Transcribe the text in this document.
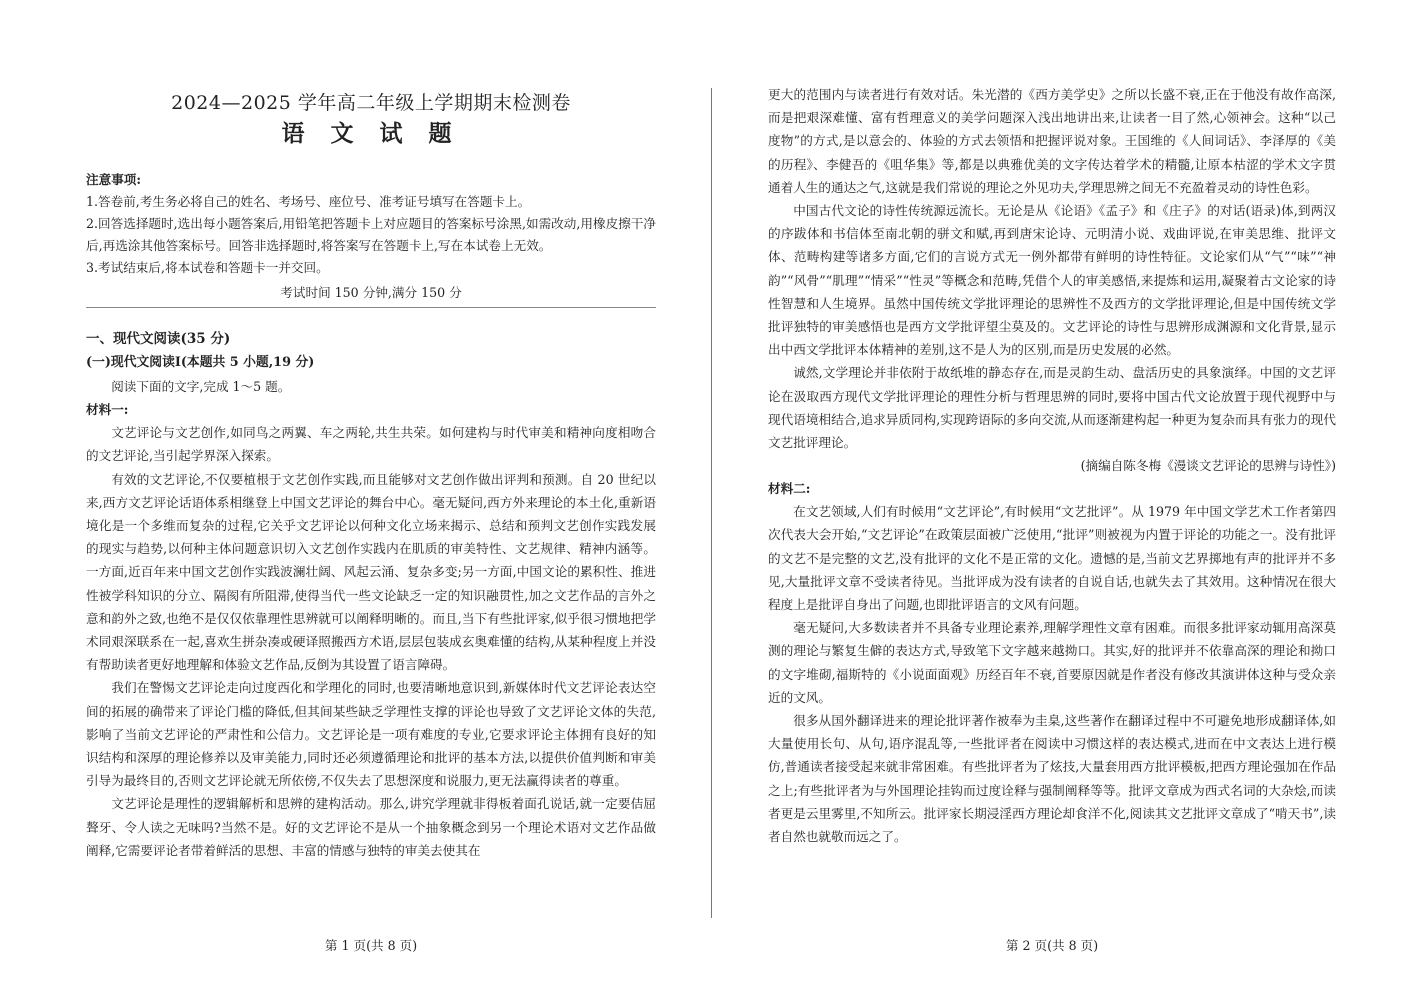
2024—2025 学年高二年级上学期期末检测卷
语 文 试 题

注意事项:

1.答卷前,考生务必将自己的姓名、考场号、座位号、准考证号填写在答题卡上。

2.回答选择题时,选出每小题答案后,用铅笔把答题卡上对应题目的答案标号涂黑,如需改动,用橡皮擦干净后,再选涂其他答案标号。回答非选择题时,将答案写在答题卡上,写在本试卷上无效。

3.考试结束后,将本试卷和答题卡一并交回。

考试时间 150 分钟,满分 150 分

一、现代文阅读(35 分)

(一)现代文阅读Ⅰ(本题共 5 小题,19 分)

阅读下面的文字,完成 1～5 题。

材料一:

文艺评论与文艺创作,如同鸟之两翼、车之两轮,共生共荣。如何建构与时代审美和精神向度相吻合的文艺评论,当引起学界深入探索。

有效的文艺评论,不仅要植根于文艺创作实践,而且能够对文艺创作做出评判和预测。自 20 世纪以来,西方文艺评论话语体系相继登上中国文艺评论的舞台中心。毫无疑问,西方外来理论的本土化,重新语境化是一个多维而复杂的过程,它关乎文艺评论以何种文化立场来揭示、总结和预判文艺创作实践发展的现实与趋势,以何种主体问题意识切入文艺创作实践内在肌质的审美特性、文艺规律、精神内涵等。一方面,近百年来中国文艺创作实践波澜壮阔、风起云涌、复杂多变;另一方面,中国文论的累积性、推进性被学科知识的分立、隔阂有所阻滞,使得当代一些文论缺乏一定的知识融贯性,加之文艺作品的言外之意和韵外之致,也绝不是仅仅依靠理性思辨就可以阐释明晰的。而且,当下有些批评家,似乎很习惯地把学术同艰深联系在一起,喜欢生拼杂凑或硬译照搬西方术语,层层包装成玄奥难懂的结构,从某种程度上并没有帮助读者更好地理解和体验文艺作品,反倒为其设置了语言障碍。

我们在警惕文艺评论走向过度西化和学理化的同时,也要清晰地意识到,新媒体时代文艺评论表达空间的拓展的确带来了评论门槛的降低,但其间某些缺乏学理性支撑的评论也导致了文艺评论文体的失范,影响了当前文艺评论的严肃性和公信力。文艺评论是一项有难度的专业,它要求评论主体拥有良好的知识结构和深厚的理论修养以及审美能力,同时还必须遵循理论和批评的基本方法,以提供价值判断和审美引导为最终目的,否则文艺评论就无所依傍,不仅失去了思想深度和说服力,更无法赢得读者的尊重。

文艺评论是理性的逻辑解析和思辨的建构活动。那么,讲究学理就非得板着面孔说话,就一定要佶屈聱牙、令人读之无味吗?当然不是。好的文艺评论不是从一个抽象概念到另一个理论术语对文艺作品做阐释,它需要评论者带着鲜活的思想、丰富的情感与独特的审美去使其在

第 1 页(共 8 页)

更大的范围内与读者进行有效对话。朱光潜的《西方美学史》之所以长盛不衰,正在于他没有故作高深,而是把艰深难懂、富有哲理意义的美学问题深入浅出地讲出来,让读者一目了然,心领神会。这种“以己度物”的方式,是以意会的、体验的方式去领悟和把握评说对象。王国维的《人间词话》、李泽厚的《美的历程》、李健吾的《咀华集》等,都是以典雅优美的文字传达着学术的精髓,让原本枯涩的学术文字贯通着人生的通达之气,这就是我们常说的理论之外见功夫,学理思辨之间无不充盈着灵动的诗性色彩。

中国古代文论的诗性传统源远流长。无论是从《论语》《孟子》和《庄子》的对话(语录)体,到两汉的序跋体和书信体至南北朝的骈文和赋,再到唐宋论诗、元明清小说、戏曲评说,在审美思维、批评文体、范畴构建等诸多方面,它们的言说方式无一例外都带有鲜明的诗性特征。文论家们从“气”“味”“神韵”“风骨”“肌理”“情采”“性灵”等概念和范畴,凭借个人的审美感悟,来提炼和运用,凝聚着古文论家的诗性智慧和人生境界。虽然中国传统文学批评理论的思辨性不及西方的文学批评理论,但是中国传统文学批评独特的审美感悟也是西方文学批评望尘莫及的。文艺评论的诗性与思辨形成渊源和文化背景,显示出中西文学批评本体精神的差别,这不是人为的区别,而是历史发展的必然。

诚然,文学理论并非依附于故纸堆的静态存在,而是灵韵生动、盘活历史的具象演绎。中国的文艺评论在汲取西方现代文学批评理论的理性分析与哲理思辨的同时,要将中国古代文论放置于现代视野中与现代语境相结合,追求异质同构,实现跨语际的多向交流,从而逐渐建构起一种更为复杂而具有张力的现代文艺批评理论。

(摘编自陈冬梅《漫谈文艺评论的思辨与诗性》)

材料二:

在文艺领域,人们有时候用“文艺评论”,有时候用“文艺批评”。从 1979 年中国文学艺术工作者第四次代表大会开始,“文艺评论”在政策层面被广泛使用,“批评”则被视为内置于评论的功能之一。没有批评的文艺不是完整的文艺,没有批评的文化不是正常的文化。遗憾的是,当前文艺界掷地有声的批评并不多见,大量批评文章不受读者待见。当批评成为没有读者的自说自话,也就失去了其效用。这种情况在很大程度上是批评自身出了问题,也即批评语言的文风有问题。

毫无疑问,大多数读者并不具备专业理论素养,理解学理性文章有困难。而很多批评家动辄用高深莫测的理论与繁复生僻的表达方式,导致笔下文字越来越拗口。其实,好的批评并不依靠高深的理论和拗口的文字堆砌,福斯特的《小说面面观》历经百年不衰,首要原因就是作者没有修改其演讲体这种与受众亲近的文风。

很多从国外翻译进来的理论批评著作被奉为圭臬,这些著作在翻译过程中不可避免地形成翻译体,如大量使用长句、从句,语序混乱等,一些批评者在阅读中习惯这样的表达模式,进而在中文表达上进行模仿,普通读者接受起来就非常困难。有些批评者为了炫技,大量套用西方批评模板,把西方理论强加在作品之上;有些批评者为与外国理论挂钩而过度诠释与强制阐释等等。批评文章成为西式名词的大杂烩,而读者更是云里雾里,不知所云。批评家长期浸淫西方理论却食洋不化,阅读其文艺批评文章成了“啃天书”,读者自然也就敬而远之了。

第 2 页(共 8 页)
